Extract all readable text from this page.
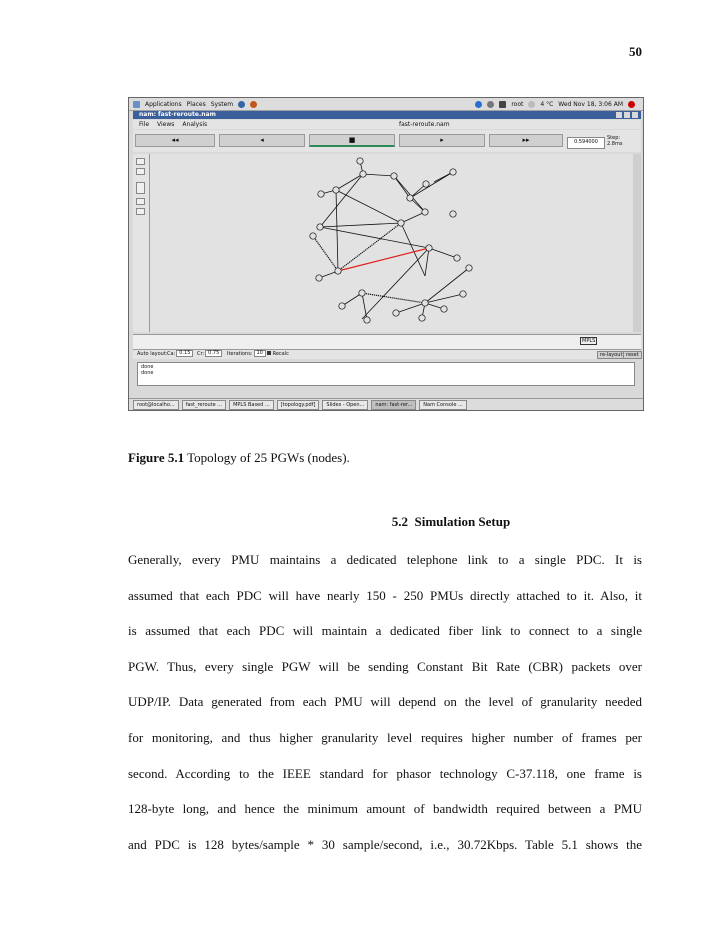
50
Applications Places System	root	4 °C Wed Nov 18, 3:06 AM
nam: fast-reroute.nam
File Views Analysis	fast-reroute.nam
◂◂	◂	■	▸	▸▸	0.594000
Step: 2.8ms
MPLS
Auto layout: Ca: 0.15	Cr: 0.75	Iterations: 10	Recalc	re-layout reset
done
done
root@localho...	fast_reroute ...	MPLS Based ...	[topology.pdf]	Slides - Open...	nam: fast-rer...	Nam Console ...
Figure 5.1 Topology of 25 PGWs (nodes).
5.2 Simulation Setup

Generally, every PMU maintains a dedicated telephone link to a single PDC. It is
assumed that each PDC will have nearly 150 - 250 PMUs directly attached to it. Also, it
is assumed that each PDC will maintain a dedicated fiber link to connect to a single
PGW. Thus, every single PGW will be sending Constant Bit Rate (CBR) packets over
UDP/IP. Data generated from each PMU will depend on the level of granularity needed
for monitoring, and thus higher granularity level requires higher number of frames per
second. According to the IEEE standard for phasor technology C-37.118, one frame is
128-byte long, and hence the minimum amount of bandwidth required between a PMU
and PDC is 128 bytes/sample * 30 sample/second, i.e., 30.72Kbps. Table 5.1 shows the
